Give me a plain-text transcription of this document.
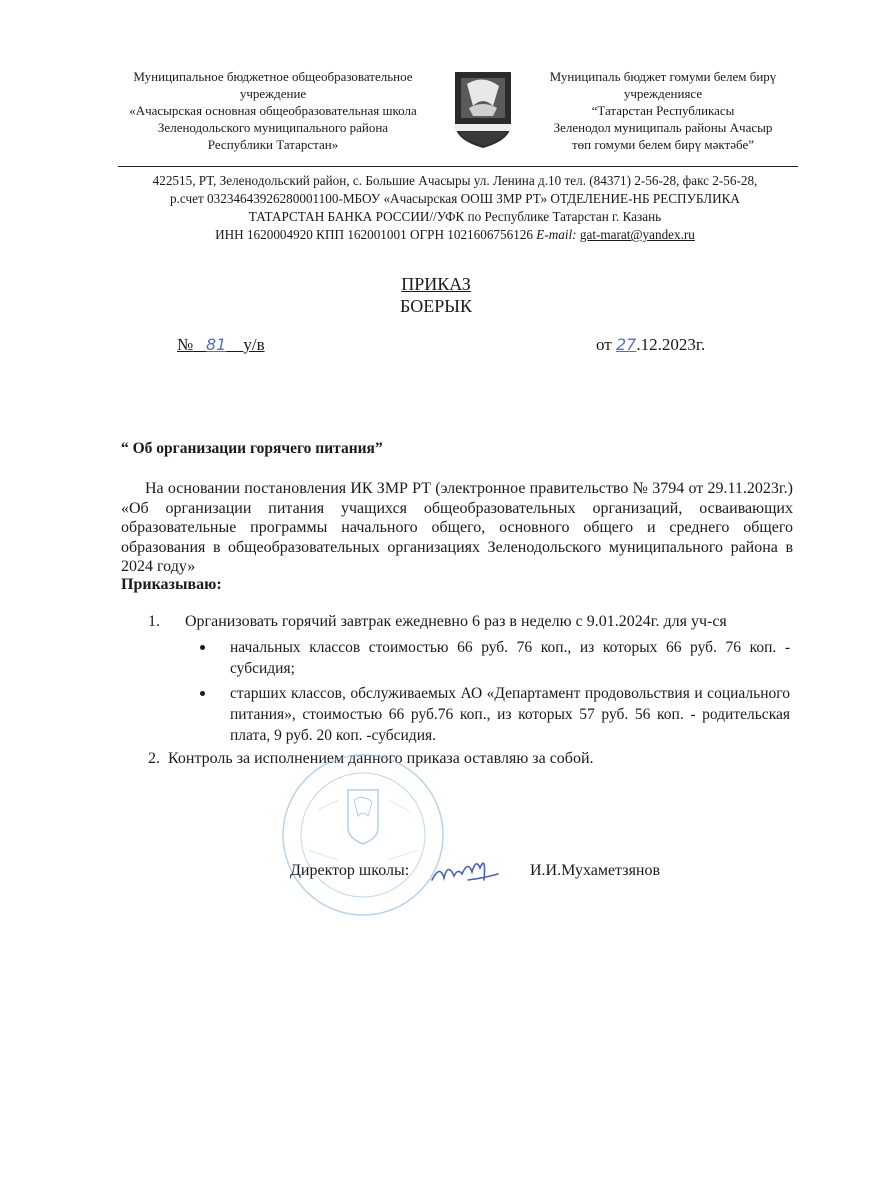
Муниципальное бюджетное общеобразовательное
учреждение
«Ачасырская основная общеобразовательная школа
Зеленодольского муниципального района
Республики Татарстан»
Муниципаль бюджет гомуми белем бирү
учреждениясе
“Татарстан Республикасы
Зеленодол муниципаль районы Ачасыр
төп гомуми белем бирү мәктәбе”
422515, РТ, Зеленодольский район, с. Большие Ачасыры ул. Ленина д.10 тел. (84371) 2-56-28, факс 2-56-28,
р.счет 03234643926280001100-МБОУ «Ачасырская ООШ ЗМР РТ» ОТДЕЛЕНИЕ-НБ РЕСПУБЛИКА
ТАТАРСТАН БАНКА РОССИИ//УФК по Республике Татарстан г. Казань
ИНН 1620004920 КПП 162001001 ОГРН 1021606756126 E-mail: gat-marat@yandex.ru
ПРИКАЗ
БОЕРЫК
№ 81 у/в	от 27.12.2023г.
“ Об организации горячего питания”
На основании постановления ИК ЗМР РТ (электронное правительство № 3794 от 29.11.2023г.) «Об организации питания учащихся общеобразовательных организаций, осваивающих образовательные программы начального общего, основного общего и среднего общего образования в общеобразовательных организациях Зеленодольского муниципального района в 2024 году»
Приказываю:
1. Организовать горячий завтрак ежедневно 6 раз в неделю с 9.01.2024г. для уч-ся
начальных классов стоимостью 66 руб. 76 коп., из которых 66 руб. 76 коп. - субсидия;
старших классов, обслуживаемых АО «Департамент продовольствия и социального питания», стоимостью 66 руб.76 коп., из которых 57 руб. 56 коп. - родительская плата, 9 руб. 20 коп. -субсидия.
2. Контроль за исполнением данного приказа оставляю за собой.
Директор школы:	И.И.Мухаметзянов
